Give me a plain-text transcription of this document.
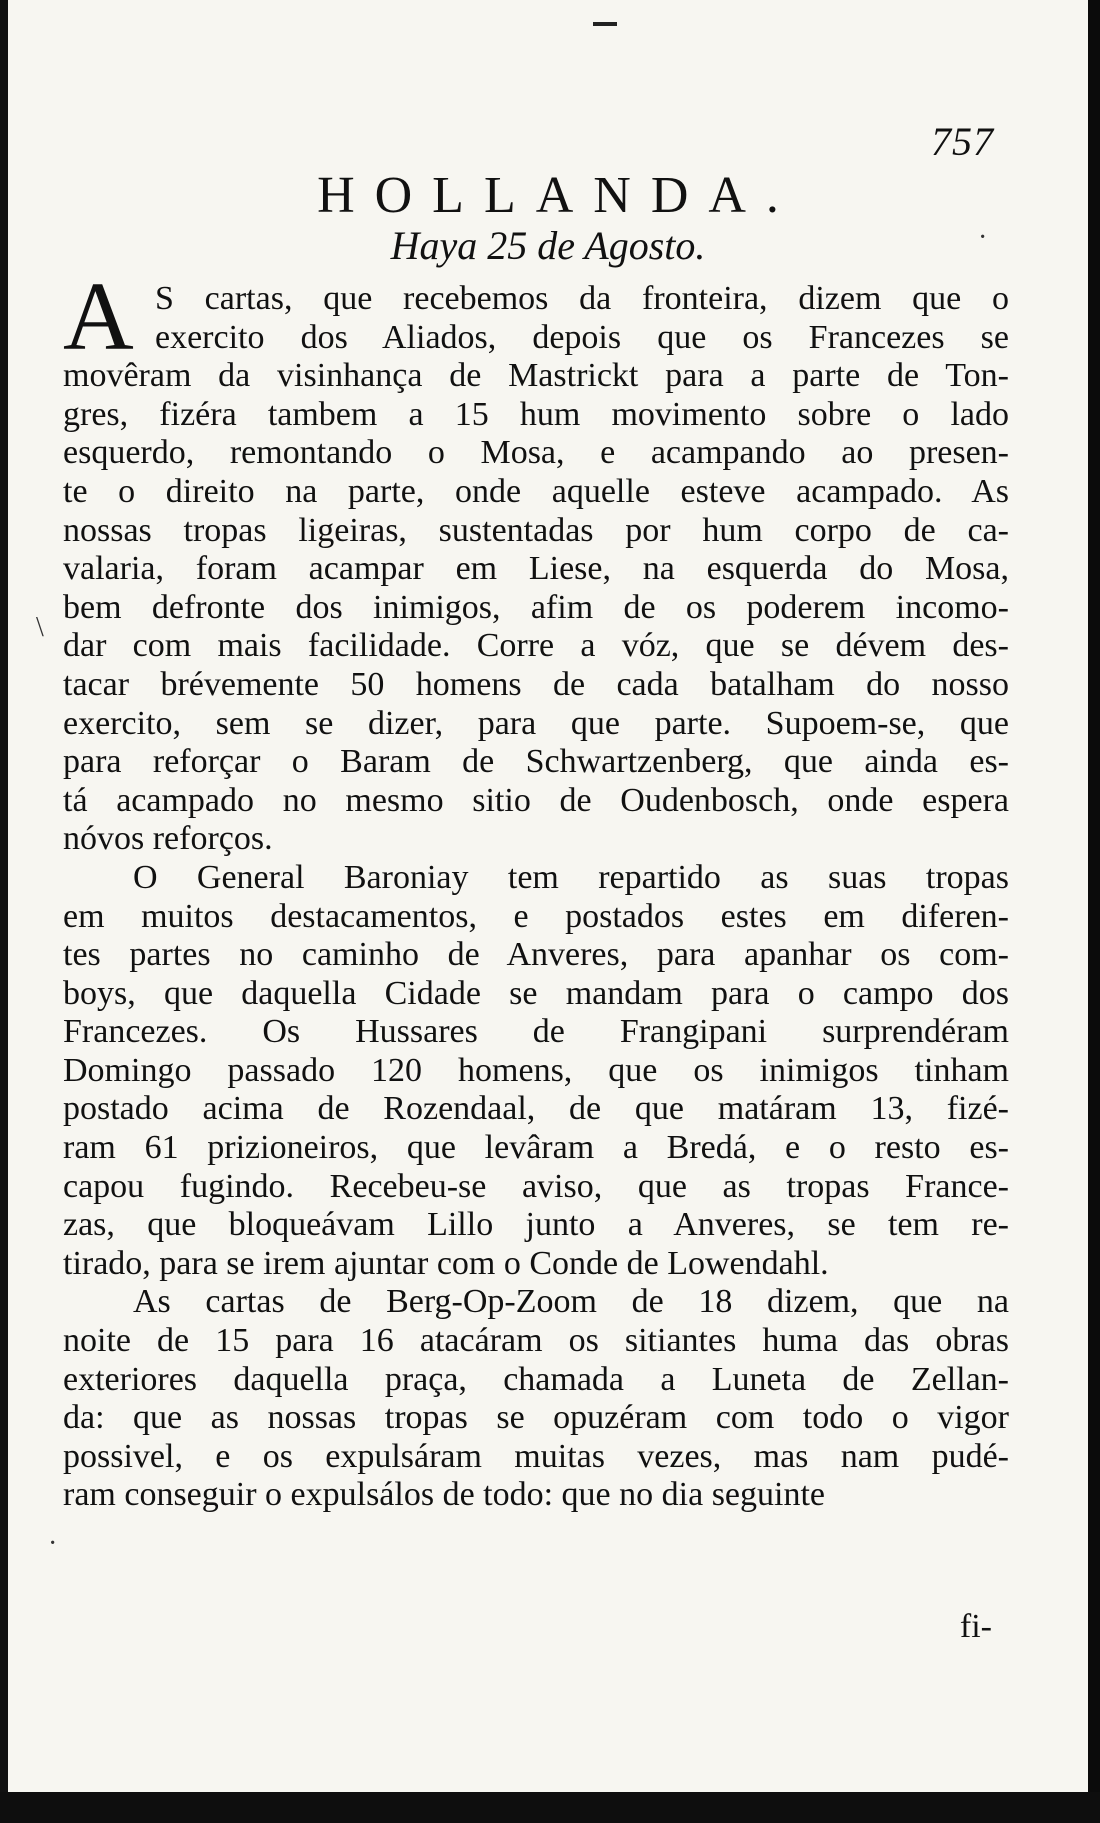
757
HOLLANDA.
Haya 25 de Agosto.	·
\
·
A S cartas, que recebemos da fronteira, dizem que o
exercito dos Aliados, depois que os Francezes se
movêram da visinhança de Mastrickt para a parte de Ton-
gres, fizéra tambem a 15 hum movimento sobre o lado
esquerdo, remontando o Mosa, e acampando ao presen-
te o direito na parte, onde aquelle esteve acampado. As
nossas tropas ligeiras, sustentadas por hum corpo de ca-
valaria, foram acampar em Liese, na esquerda do Mosa,
bem defronte dos inimigos, afim de os poderem incomo-
dar com mais facilidade. Corre a vóz, que se dévem des-
tacar brévemente 50 homens de cada batalham do nosso
exercito, sem se dizer, para que parte. Supoem-se, que
para reforçar o Baram de Schwartzenberg, que ainda es-
tá acampado no mesmo sitio de Oudenbosch, onde espera
nóvos reforços.
O General Baroniay tem repartido as suas tropas
em muitos destacamentos, e postados estes em diferen-
tes partes no caminho de Anveres, para apanhar os com-
boys, que daquella Cidade se mandam para o campo dos
Francezes. Os Hussares de Frangipani surprendéram
Domingo passado 120 homens, que os inimigos tinham
postado acima de Rozendaal, de que matáram 13, fizé-
ram 61 prizioneiros, que levâram a Bredá, e o resto es-
capou fugindo. Recebeu-se aviso, que as tropas France-
zas, que bloqueávam Lillo junto a Anveres, se tem re-
tirado, para se irem ajuntar com o Conde de Lowendahl.
As cartas de Berg-Op-Zoom de 18 dizem, que na
noite de 15 para 16 atacáram os sitiantes huma das obras
exteriores daquella praça, chamada a Luneta de Zellan-
da: que as nossas tropas se opuzéram com todo o vigor
possivel, e os expulsáram muitas vezes, mas nam pudé-
ram conseguir o expulsálos de todo: que no dia seguinte
fi-
